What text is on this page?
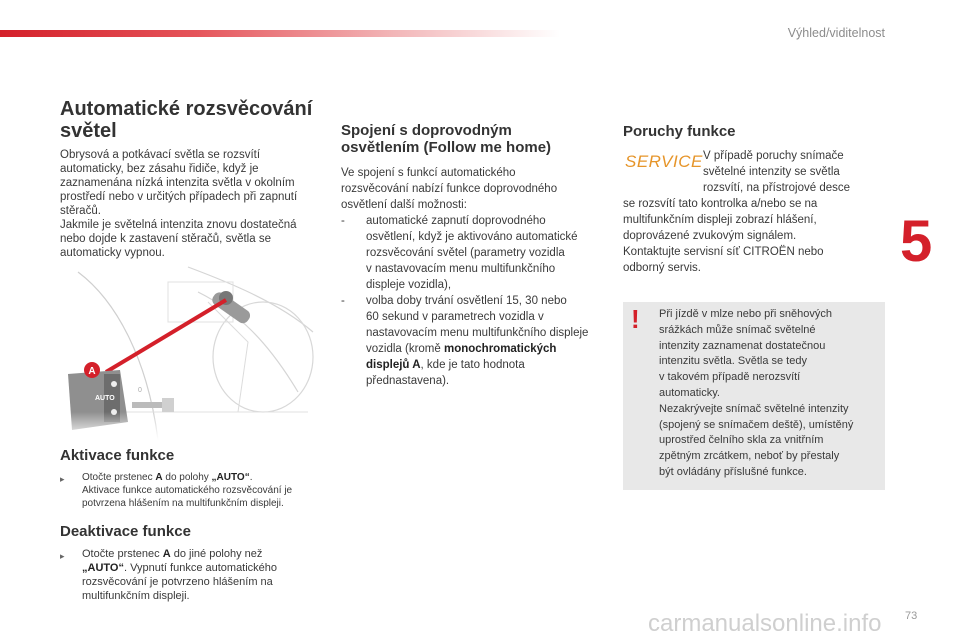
Výhled/viditelnost
5
Automatické rozsvěcování
světel

Obrysová a potkávací světla se rozsvítí
automaticky, bez zásahu řidiče, když je
zaznamenána nízká intenzita světla v okolním
prostředí nebo v určitých případech při zapnutí
stěračů.
Jakmile je světelná intenzita znovu dostatečná
nebo dojde k zastavení stěračů, světla se
automaticky vypnou.

AUTO
0
A
Aktivace funkce
▸	Otočte prstenec A do polohy „AUTO“.
Aktivace funkce automatického rozsvěcování je
potvrzena hlášením na multifunkčním displeji.
Deaktivace funkce
▸	Otočte prstenec A do jiné polohy než
„AUTO“. Vypnutí funkce automatického
rozsvěcování je potvrzeno hlášením na
multifunkčním displeji.
Spojení s doprovodným
osvětlením (Follow me home)
Ve spojení s funkcí automatického
rozsvěcování nabízí funkce doprovodného
osvětlení další možnosti:
-	automatické zapnutí doprovodného
osvětlení, když je aktivováno automatické
rozsvěcování světel (parametry vozidla
v nastavovacím menu multifunkčního
displeje vozidla),
-	volba doby trvání osvětlení 15, 30 nebo
60 sekund v parametrech vozidla v
nastavovacím menu multifunkčního displeje
vozidla (kromě monochromatických
displejů A, kde je tato hodnota
přednastavena).
Poruchy funkce
SERVICE V případě poruchy snímače
světelné intenzity se světla
rozsvítí, na přístrojové desce
se rozsvítí tato kontrolka a/nebo se na
multifunkčním displeji zobrazí hlášení,
doprovázené zvukovým signálem.
Kontaktujte servisní síť CITROËN nebo
odborný servis.
! Při jízdě v mlze nebo při sněhových
srážkách může snímač světelné
intenzity zaznamenat dostatečnou
intenzitu světla. Světla se tedy
v takovém případě nerozsvítí
automaticky.
Nezakrývejte snímač světelné intenzity
(spojený se snímačem deště), umístěný
uprostřed čelního skla za vnitřním
zpětným zrcátkem, neboť by přestaly
být ovládány příslušné funkce.
carmanualsonline.info 73
